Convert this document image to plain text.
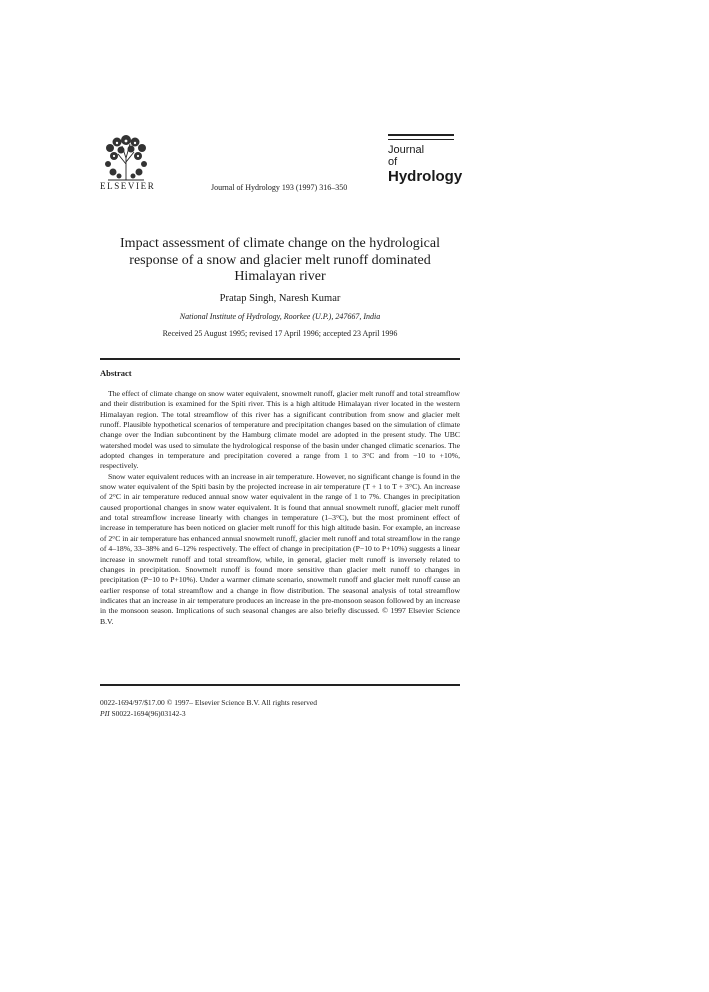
ELSEVIER	Journal of Hydrology 193 (1997) 316–350
Journal
of
Hydrology
Impact assessment of climate change on the hydrological response of a snow and glacier melt runoff dominated Himalayan river
Pratap Singh, Naresh Kumar
National Institute of Hydrology, Roorkee (U.P.), 247667, India
Received 25 August 1995; revised 17 April 1996; accepted 23 April 1996
Abstract

The effect of climate change on snow water equivalent, snowmelt runoff, glacier melt runoff and total streamflow and their distribution is examined for the Spiti river. This is a high altitude Himalayan river located in the western Himalayan region. The total streamflow of this river has a significant contribution from snow and glacier melt runoff. Plausible hypothetical scenarios of temperature and precipitation changes based on the simulation of climate change over the Indian subcontinent by the Hamburg climate model are adopted in the present study. The UBC watershed model was used to simulate the hydrological response of the basin under changed climatic scenarios. The adopted changes in temperature and precipitation covered a range from 1 to 3°C and from −10 to +10%, respectively.

Snow water equivalent reduces with an increase in air temperature. However, no significant change is found in the snow water equivalent of the Spiti basin by the projected increase in air temperature (T + 1 to T + 3°C). An increase of 2°C in air temperature reduced annual snow water equivalent in the range of 1 to 7%. Changes in precipitation caused proportional changes in snow water equivalent. It is found that annual snowmelt runoff, glacier melt runoff and total streamflow increase linearly with changes in temperature (1–3°C), but the most prominent effect of increase in temperature has been noticed on glacier melt runoff for this high altitude basin. For example, an increase of 2°C in air temperature has enhanced annual snowmelt runoff, glacier melt runoff and total streamflow in the range of 4–18%, 33–38% and 6–12% respectively. The effect of change in precipitation (P−10 to P+10%) suggests a linear increase in snowmelt runoff and total streamflow, while, in general, glacier melt runoff is inversely related to changes in precipitation. Snowmelt runoff is found more sensitive than glacier melt runoff to changes in precipitation (P−10 to P+10%). Under a warmer climate scenario, snowmelt runoff and glacier melt runoff cause an earlier response of total streamflow and a change in flow distribution. The seasonal analysis of total streamflow indicates that an increase in air temperature produces an increase in the pre-monsoon season followed by an increase in the monsoon season. Implications of such seasonal changes are also briefly discussed. © 1997 Elsevier Science B.V.

0022-1694/97/$17.00 © 1997– Elsevier Science B.V. All rights reserved
PII S0022-1694(96)03142-3
